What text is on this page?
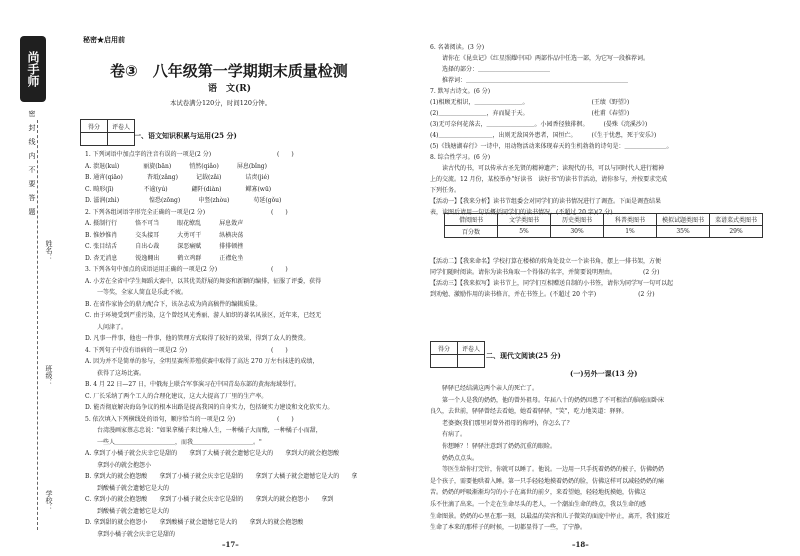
尚手师
密　封　线　内　不　要　答　题
学校：
班级：
姓名：
秘密★启用前
卷③　八年级第一学期期末质量检测
语　文(R)
本试卷满分120分，时间120分钟。
得分	评卷人

一、语文知识积累与运用(25 分)
1. 下列词语中加点字的注音有误的一项是(2 分)　　　　　　　　　　　(　　)
A. 溃退(kuì)　　　　丽旋(bān)　　　悄然(qiǎo)　　　屏息(bǐng)
B. 通宵(qiāo)　　　　杳坻(zǎng)　　　记载(zǎi)　　　　诘责(jié)
C. 畸形(jī)　　　　　不逾(yú)　　　　翩阡(diàn)　　　　鳏寡(wū)
D. 滋润(zhì)　　　　　惶恐(zōng)　　　申竖(zhòu)　　　　苟延(gǒu)
2. 下列各组词语字形完全正确的一项是(2 分)　　　　　　　　　　　(　　)
A. 摄制行行　　　恪不可当　　　眼花缭乱　　　屏息敛声
B. 惟妙惟肖　　　交头接耳　　　大勇可干　　　纵横决荡
C. 张目结舌　　　自出心裁　　　深恶痛赋　　　排排顿挫
D. 杏无消息　　　锐逸翱出　　　鹤立鸡群　　　正襟危坐
3. 下列各句中加点的成语运用正确的一项是(2 分)　　　　　　　　　(　　)
A. 小芳在全省中学生舞蹈大赛中，以其优美舒展的舞姿和新颖的编排，征服了评委，获得
　　一等奖，全家人简直是乐此不疲。
B. 在省作家协会的鼎力配合下，该杂志成为尚高稿件的编辑质量。
C. 由于环境受到严重污染，这个曾经风光秀丽、游人如织的著名风景区，近年来，已经无
　　人问津了。
D. 凡事一件事，他也一件事，他的管理方式取得了较好的效果，得到了众人的赞赏。
4. 下列句子中没有语病的一项是(2 分)　　　　　　　　　　　　　　(　　)
A. 因为并不是简单的参与，全明星赛所养殖获赛中取得了高达 270 万左右抹进的成绩，
　　获得了这场比赛。
B. 4 月 22 日—27 日，中俄海上联合军事演习在中国青岛东部的黄海海域举行。
C. 厂长采纳了两个工人的合理化建议，这大大提高了厂里的生产率。
D. 能否彻底解决海岛争议的根本出路是提高我国的自身实力，包括硬实力建设和文化软实力。
5. 依次填入下列横线处的语句，顺序恰当的一项是(2 分)　　　　　　　(　　)
　　台湾漫画家蔡志忠说："如果拿橘子来比喻人生，一种橘子大而酸，一种橘子小而甜，
　　一些人＿＿＿＿＿＿＿＿＿＿，而我＿＿＿＿＿＿＿＿＿＿。"
A. 拿到了小橘子就会庆幸它是甜的　　拿到了大橘子就会遗憾它是大的　　拿到大的就会抱怨酸
　　拿到小的就会抱怨小
B. 拿到大的就会抱怨酸　　拿到了小橘子就会庆幸它是甜的　　拿到了大橘子就会遗憾它是大的　　拿
　　到酸橘子就会遗憾它是大的
C. 拿到小的就会抱怨酸　　拿到了小橘子就会庆幸它是甜的　　拿到大的就会抱怨小　　拿到
　　到酸橘子就会遗憾它是大的
D. 拿到甜的就会抱怨小　　拿到酸橘子就会遗憾它是大的　　拿到大的就会抱怨酸
　　拿到小橘子就会庆幸它是甜的
–17–
6. 名著阅读。(3 分)
　　请你在《昆虫记》《红星照耀中国》两部作品中任选一部，为它写一段推荐词。
　　选择的部分：＿＿＿＿＿＿＿＿＿＿＿＿
　　推荐词：＿＿＿＿＿＿＿＿＿＿＿＿＿＿＿＿＿＿＿＿＿＿＿＿＿＿＿
7. 默写古诗文。(6 分)
(1)相顾无相识，＿＿＿＿＿＿＿＿。　　　　　　　　　　　(王绩《野望》)
(2)＿＿＿＿＿＿＿＿，弃而疑于天。　　　　　　　　　　　(杜甫《春望》)
(3)无可奈何花落去，＿＿＿＿＿＿＿＿。小园香径独徘徊。　　　(晏殊《浣溪沙》)
(4)＿＿＿＿＿＿＿＿＿，出则无敌国外患者，国恒亡。　　　(《生于忧患，死于安乐》)
(5)《钱塘湖春行》一诗中，用动物活动来体现春天的生机勃勃的诗句是：＿＿＿＿＿＿＿。
8. 综合性学习。(6 分)
　　读古代的书，可以传承古圣先贤的精神遗产；读现代的书，可以与同时代人进行精神
上的交流。12 月份，某校举办"好读书　读好书"的读书节活动，请你参与，并按要求完成
下列任务。
【活动一】【我来分析】读书节组委会对同学们的读书情况进行了调查。下面是调查结果
表，读图后请用一句话概括同学们的读书情况。(不超过 20 字)(2 分)
【活动二】【我来命名】学校打算在楼梯的转角处设立一个读书角，摆上一排书架，方便
同学们随时阅读。请你为读书角取一个得体的名字，并简要说明理由。　　　　　(2 分)
【活动三】【我来拟写】读书节上，同学们互相赠送自制的小书签，请你为同学写一句可以起
到劝勉、激励作用的读书格言，并在书签上。(不超过 20 个字)　　　　　　　(2 分)
借阅图书	文学类图书	历史类图书	科普类图书	模拟试题类图书	菜谱菜式类图书
百分数	5%	30%	1%	35%	29%
得分	评卷人

二、现代文阅读(25 分)
(一)另外一课(13 分)
　　驿驿已经结满这两个亲人的死亡了。
　　第一个人是我的奶奶，他的曾外祖母。年届八十的奶奶因患了不可根治的脑癌而卧床
良久，去世前，驿驿曾经去看她，她看着驿驿，"笑"，吃力地笑道：驿驿。
　　老婆婆(我们那里对曾外祖母的称呼)，你怎么了？
　　有病了。
　　你想睡？！驿驿注意到了奶奶沉重的眼睑。
　　奶奶点点头。
　　等医生给你打完针，你就可以睡了。他说。一边用一只手抚着奶奶的被子，仿佛奶奶
是个孩子，需要他哄着入睡。第一只手轻轻地摸着奶奶的脸，仿佛这样可以减轻奶奶的痛
苦。奶奶的呼吸渐渐均匀的小子在离世的前夕，来看望她，轻轻地抚摸她，仿佛这
乐不住滴了出来。一个走在生命尽头的老人，一个潮汕生命的终点，我以生命的感
生命图景。奶奶的心里在那一刻，以最温的笑容和儿子微笑的面庞中停止，离开，我们接近
生命了本来的那样子的时候，一切都显得了一些，了宁静。
–18–
